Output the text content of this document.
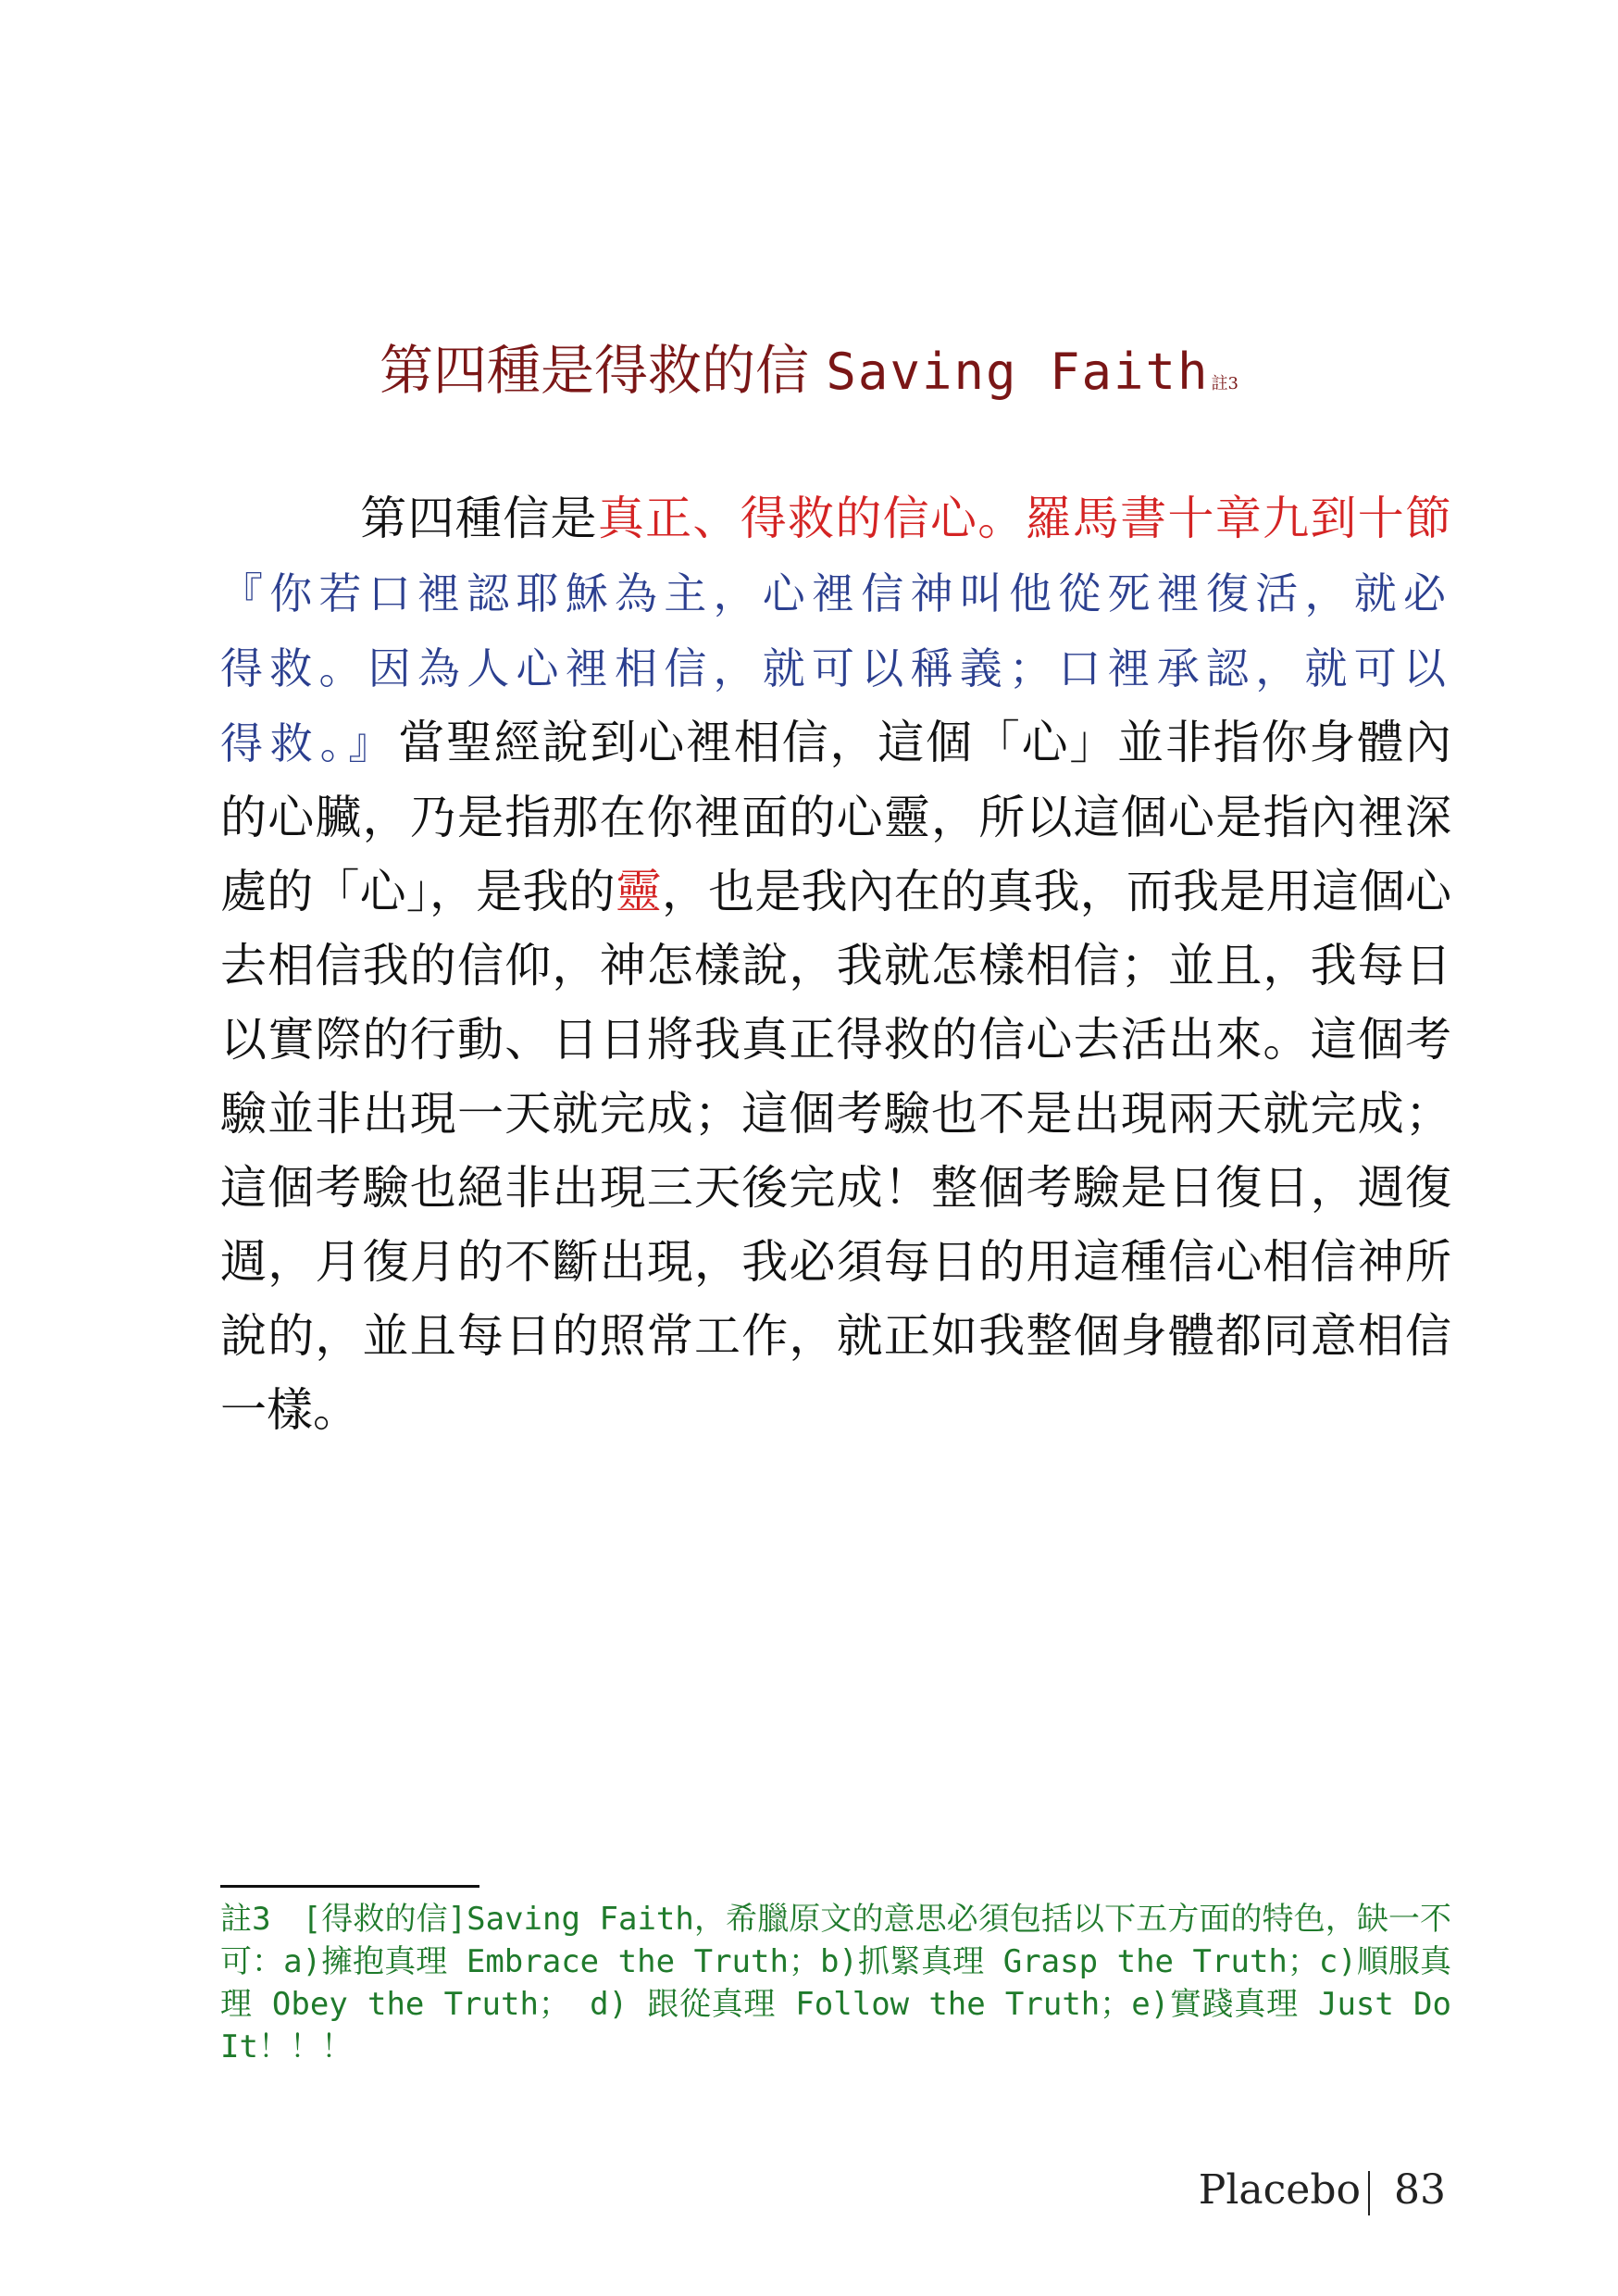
第四種是得救的信 Saving Faith 註3
第四種信是真正、得救的信心。羅馬書十章九到十節『你若口裡認耶穌為主，心裡信神叫他從死裡復活，就必得救。因為人心裡相信，就可以稱義；口裡承認，就可以得救。』當聖經說到心裡相信，這個「心」並非指你身體內的心臟，乃是指那在你裡面的心靈，所以這個心是指內裡深處的「心」，是我的靈，也是我內在的真我，而我是用這個心去相信我的信仰，神怎樣說，我就怎樣相信；並且，我每日以實際的行動、日日將我真正得救的信心去活出來。這個考驗並非出現一天就完成；這個考驗也不是出現兩天就完成；這個考驗也絕非出現三天後完成！整個考驗是日復日，週復週，月復月的不斷出現，我必須每日的用這種信心相信神所說的，並且每日的照常工作，就正如我整個身體都同意相信一樣。
註3　[得救的信]Saving Faith，希臘原文的意思必須包括以下五方面的特色，缺一不可：a)擁抱真理 Embrace the Truth；b)抓緊真理 Grasp the Truth；c)順服真理 Obey the Truth； d) 跟從真理 Follow the Truth；e)實踐真理 Just Do It！！！
Placebo 83
